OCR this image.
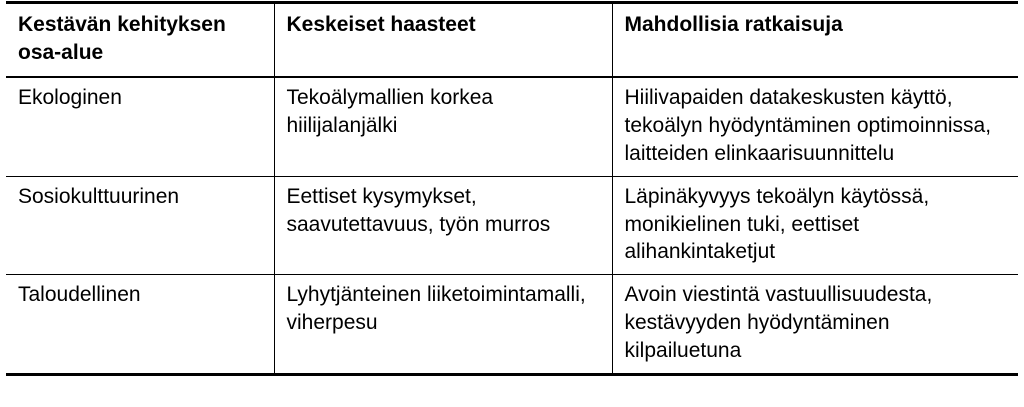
Kestävän kehityksen osa-alue	Keskeiset haasteet	Mahdollisia ratkaisuja

Ekologinen	Tekoälymallien korkea hiilijalanjälki	Hiilivapaiden datakeskusten käyttö, tekoälyn hyödyntäminen optimoinnissa, laitteiden elinkaarisuunnittelu

Sosiokulttuurinen	Eettiset kysymykset, saavutettavuus, työn murros	Läpinäkyvyys tekoälyn käytössä, monikielinen tuki, eettiset alihankintaketjut

Taloudellinen	Lyhytjänteinen liiketoimintamalli, viherpesu	Avoin viestintä vastuullisuudesta, kestävyyden hyödyntäminen kilpailuetuna
